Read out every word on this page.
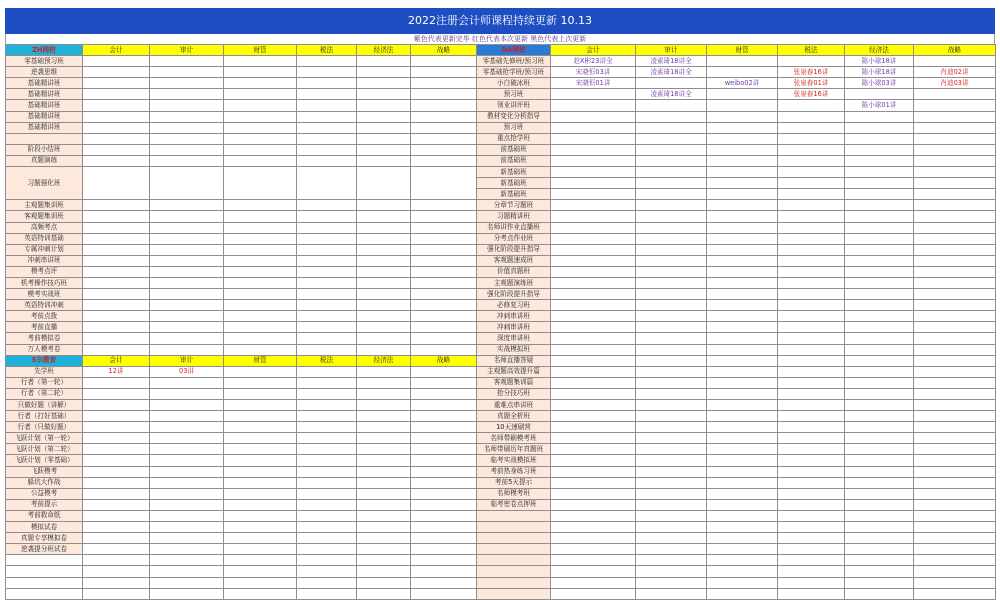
2022注册会计师课程持续更新 10.13
紫色代表更新完毕 红色代表本次更新 黑色代表上次更新
ZH网校	会计	审计	财管	税法	经济法	战略	DA网校	会计	审计	财管	税法	经济法	战略
零基础预习班							零基础先修班/预习班	赵X彬23讲全	凌素琦18讲全			陈小球18讲	
逆袭思维							零基础抢学班/预习班	宋晓恒03讲	凌素琦18讲全		张泉春16讲	陈小球18讲	肖迪02讲
基础精讲班							小白破冰班	宋晓恒01讲		weibo02讲	张泉春01讲	陈小球03讲	肖迪03讲
基础精讲班							预习班		凌素琦18讲全		张泉春16讲		
基础精讲班							领业讲评班					陈小球01讲	
基础精讲班							教材变化分析指导						
基础精讲班							预习班						
							重点抢学班						
阶段小结班							前基础班						
真题演练							前基础班						
习题强化班							新基础班						
							新基础班						
							新基础班						
主观题集训班							分章节习题班						
客观题集训班							习题精讲班						
高频考点							名师讲作业直播班						
英语特训基础							分考点作业班						
专属冲刺计划							强化阶段提升指导						
冲刺串讲班							客观题速成班						
模考点评							价值真题班						
机考操作技巧班							主观题演练班						
模考实战班							强化阶段提升指导						
英语特训冲刺							必修复习班						
考前点拨							冲刺串讲班						
考前直播							冲刺串讲班						
考前模拟卷							深度串讲班						
万人模考卷							实战模拟班						
S尔教育	会计	审计	财管	税法	经济法	战略	名师直播答疑						
先学班	12讲	03讲					主观题高效提升篇						
行者（第一轮）							客观题集训篇						
行者（第二轮）							抢分技巧班						
只做好题（讲解）							重难点串讲班						
行者（打好基础）							真题全析班						
行者（只做好题）							10天速刷营						
飞跃计划（第一轮）							名师带刷模考班						
飞跃计划（第二轮）							名师带刷历年真题班						
飞跃计划（零基础）							临考实战模拟班						
飞跃模考							考前热身练习班						
躲坑大作战							考前5天提示						
公益模考							名师模考班						
考前提示							临考密卷点押班						
考前救命纸													
模拟试卷													
真题专享模拟卷													
逆袭提分班试卷													
